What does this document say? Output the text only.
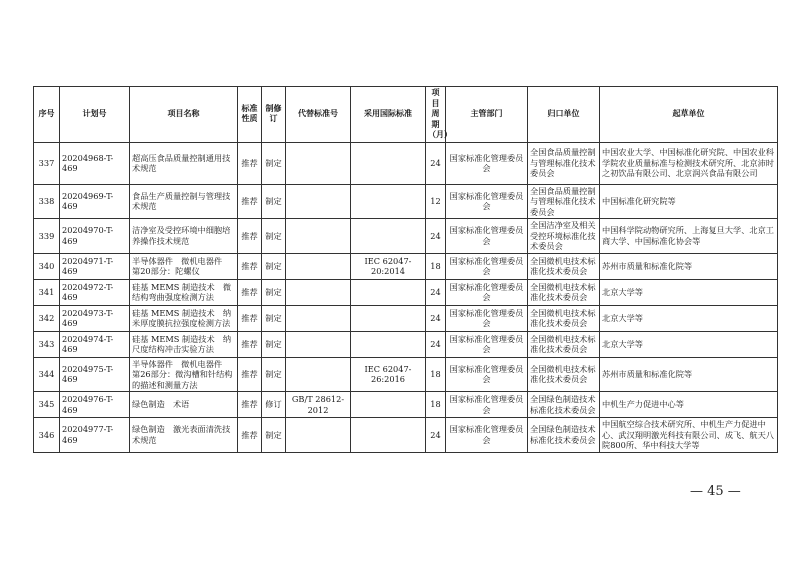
序号	计划号	项目名称	标准性质	制修订	代替标准号	采用国际标准	项目周期（月）	主管部门	归口单位	起草单位
337	20204968-T-469	超高压食品质量控制通用技术规范	推荐	制定			24	国家标准化管理委员会	全国食品质量控制与管理标准化技术委员会	中国农业大学、中国标准化研究院、中国农业科学院农业质量标准与检测技术研究所、北京沛时之初饮品有限公司、北京润兴食品有限公司
338	20204969-T-469	食品生产质量控制与管理技术规范	推荐	制定			12	国家标准化管理委员会	全国食品质量控制与管理标准化技术委员会	中国标准化研究院等
339	20204970-T-469	洁净室及受控环境中细胞培养操作技术规范	推荐	制定			24	国家标准化管理委员会	全国洁净室及相关受控环境标准化技术委员会	中国科学院动物研究所、上海复旦大学、北京工商大学、中国标准化协会等
340	20204971-T-469	半导体器件　微机电器件　第20部分：陀螺仪	推荐	制定		IEC 62047-20:2014	18	国家标准化管理委员会	全国微机电技术标准化技术委员会	苏州市质量和标准化院等
341	20204972-T-469	硅基 MEMS 制造技术　微结构弯曲强度检测方法	推荐	制定			24	国家标准化管理委员会	全国微机电技术标准化技术委员会	北京大学等
342	20204973-T-469	硅基 MEMS 制造技术　纳米厚度膜抗拉强度检测方法	推荐	制定			24	国家标准化管理委员会	全国微机电技术标准化技术委员会	北京大学等
343	20204974-T-469	硅基 MEMS 制造技术　纳尺度结构冲击实验方法	推荐	制定			24	国家标准化管理委员会	全国微机电技术标准化技术委员会	北京大学等
344	20204975-T-469	半导体器件　微机电器件　第26部分：微沟槽和针结构的描述和测量方法	推荐	制定		IEC 62047-26:2016	18	国家标准化管理委员会	全国微机电技术标准化技术委员会	苏州市质量和标准化院等
345	20204976-T-469	绿色制造　术语	推荐	修订	GB/T 28612-2012		18	国家标准化管理委员会	全国绿色制造技术标准化技术委员会	中机生产力促进中心等
346	20204977-T-469	绿色制造　激光表面清洗技术规范	推荐	制定			24	国家标准化管理委员会	全国绿色制造技术标准化技术委员会	中国航空综合技术研究所、中机生产力促进中心、武汉翔明激光科技有限公司、成飞、航天八院800所、华中科技大学等
— 45 —
